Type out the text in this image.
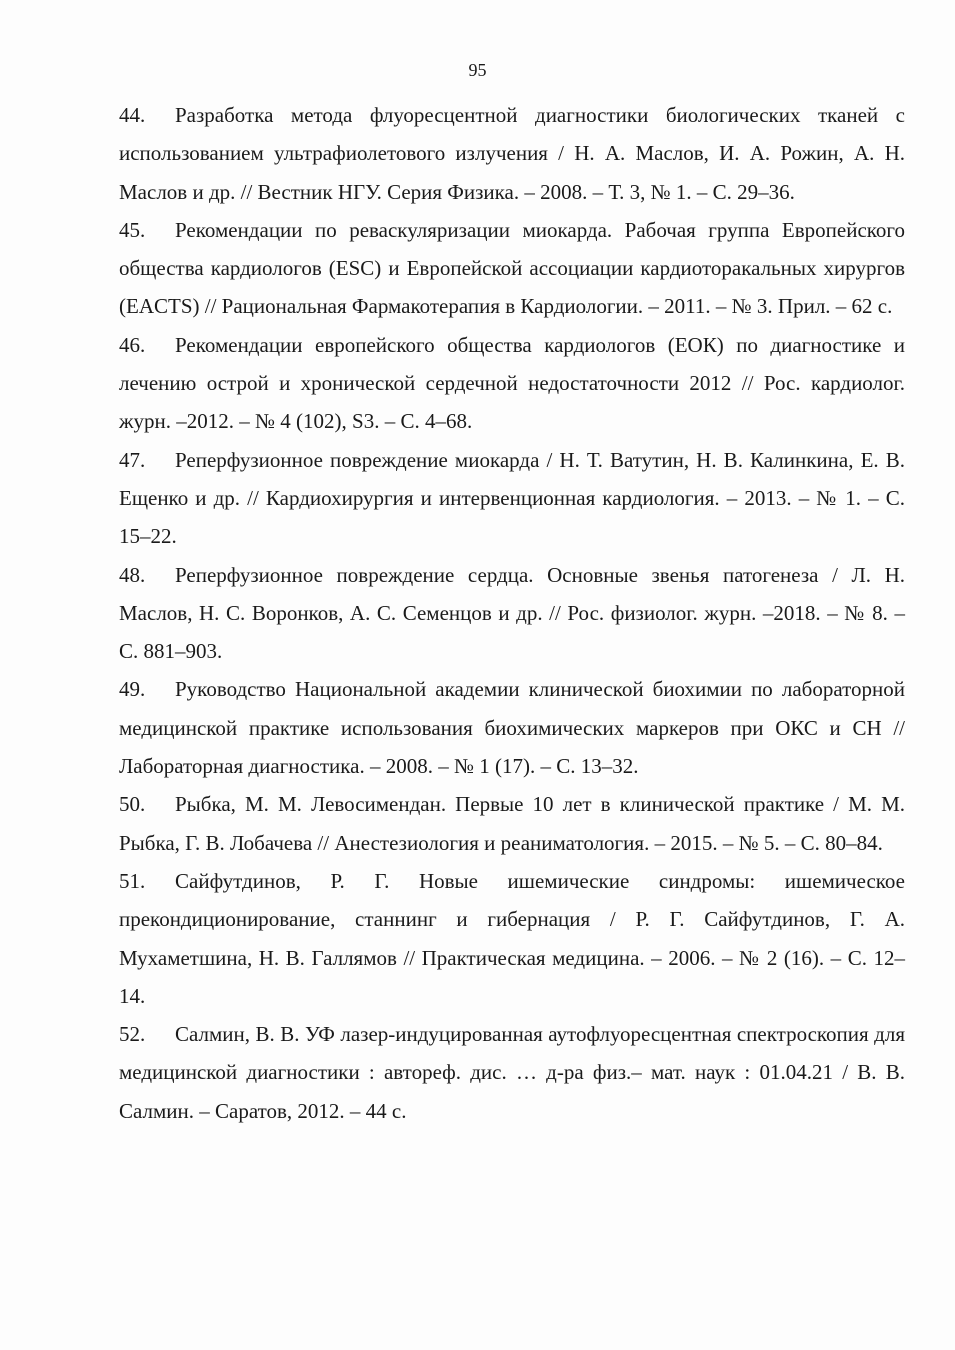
95

44. Разработка метода флуоресцентной диагностики биологических тканей с использованием ультрафиолетового излучения / Н. А. Маслов, И. А. Рожин, А. Н. Маслов и др. // Вестник НГУ. Серия Физика. – 2008. – Т. 3, № 1. – С. 29–36.

45. Рекомендации по реваскуляризации миокарда. Рабочая группа Европейского общества кардиологов (ESC) и Европейской ассоциации кардиоторакальных хирургов (EACTS) // Рациональная Фармакотерапия в Кардиологии. – 2011. – № 3. Прил. – 62 с.

46. Рекомендации европейского общества кардиологов (ЕОК) по диагностике и лечению острой и хронической сердечной недостаточности 2012 // Рос. кардиолог. журн. –2012. – № 4 (102), S3. – С. 4–68.

47. Реперфузионное повреждение миокарда / Н. Т. Ватутин, Н. В. Калинкина, Е. В. Ещенко и др. // Кардиохирургия и интервенционная кардиология. – 2013. – № 1. – С. 15–22.

48. Реперфузионное повреждение сердца. Основные звенья патогенеза / Л. Н. Маслов, Н. С. Воронков, А. С. Семенцов и др. // Рос. физиолог. журн. –2018. – № 8. – С. 881–903.

49. Руководство Национальной академии клинической биохимии по лабораторной медицинской практике использования биохимических маркеров при ОКС и СН // Лабораторная диагностика. – 2008. – № 1 (17). – С. 13–32.

50. Рыбка, М. М. Левосимендан. Первые 10 лет в клинической практике / М. М. Рыбка, Г. В. Лобачева // Анестезиология и реаниматология. – 2015. – № 5. – С. 80–84.

51. Сайфутдинов, Р. Г. Новые ишемические синдромы: ишемическое прекондиционирование, станнинг и гибернация / Р. Г. Сайфутдинов, Г. А. Мухаметшина, Н. В. Галлямов // Практическая медицина. – 2006. – № 2 (16). – С. 12–14.

52. Салмин, В. В. УФ лазер-индуцированная аутофлуоресцентная спектроскопия для медицинской диагностики : автореф. дис. … д-ра физ.– мат. наук : 01.04.21 / В. В. Салмин. – Саратов, 2012. – 44 с.
